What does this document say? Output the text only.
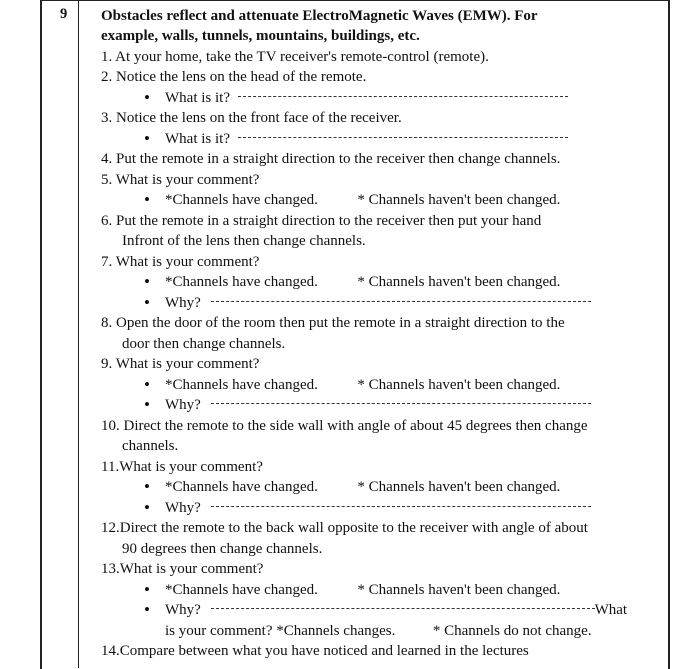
9 Obstacles reflect and attenuate ElectroMagnetic Waves (EMW). For
example, walls, tunnels, mountains, buildings, etc.
1. At your home, take the TV receiver's remote-control (remote).
2. Notice the lens on the head of the remote.
• What is it?
3. Notice the lens on the front face of the receiver.
• What is it?
4. Put the remote in a straight direction to the receiver then change channels.
5. What is your comment?
• *Channels have changed.	* Channels haven't been changed.
6. Put the remote in a straight direction to the receiver then put your hand
Infront of the lens then change channels.
7. What is your comment?
• *Channels have changed.	* Channels haven't been changed.
• Why?
8. Open the door of the room then put the remote in a straight direction to the
door then change channels.
9. What is your comment?
• *Channels have changed.	* Channels haven't been changed.
• Why?
10. Direct the remote to the side wall with angle of about 45 degrees then change
channels.
11.What is your comment?
• *Channels have changed.	* Channels haven't been changed.
• Why?
12.Direct the remote to the back wall opposite to the receiver with angle of about
90 degrees then change channels.
13.What is your comment?
• *Channels have changed.	* Channels haven't been changed.
• Why?	What
is your comment? *Channels changes.	* Channels do not change.
14.Compare between what you have noticed and learned in the lectures
